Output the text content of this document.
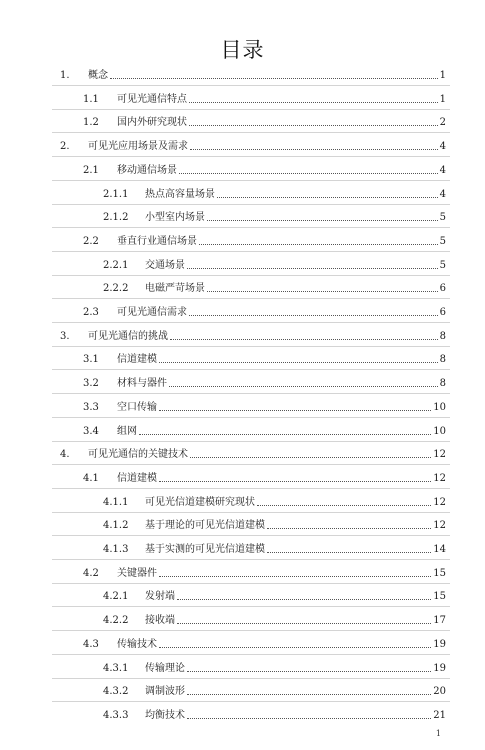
目录
1.	概念	1
1.1	可见光通信特点	1
1.2	国内外研究现状	2
2.	可见光应用场景及需求	4
2.1	移动通信场景	4
2.1.1	热点高容量场景	4
2.1.2	小型室内场景	5
2.2	垂直行业通信场景	5
2.2.1	交通场景	5
2.2.2	电磁严苛场景	6
2.3	可见光通信需求	6
3.	可见光通信的挑战	8
3.1	信道建模	8
3.2	材料与器件	8
3.3	空口传输	10
3.4	组网	10
4.	可见光通信的关键技术	12
4.1	信道建模	12
4.1.1	可见光信道建模研究现状	12
4.1.2	基于理论的可见光信道建模	12
4.1.3	基于实测的可见光信道建模	14
4.2	关键器件	15
4.2.1	发射端	15
4.2.2	接收端	17
4.3	传输技术	19
4.3.1	传输理论	19
4.3.2	调制波形	20
4.3.3	均衡技术	21
1
